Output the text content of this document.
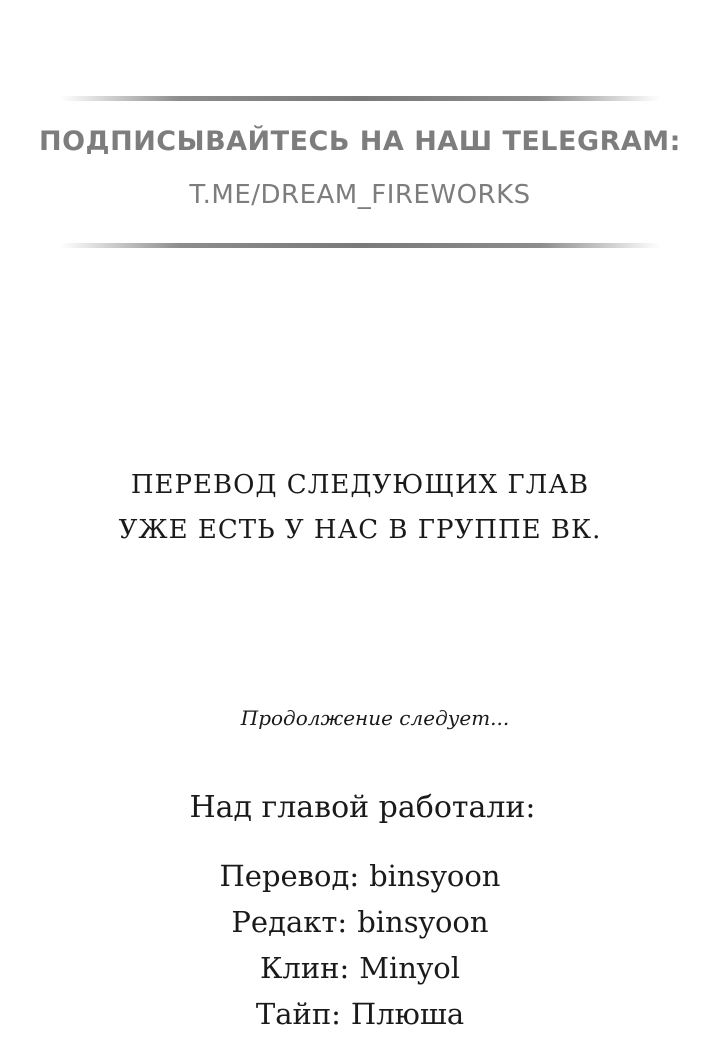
ПОДПИСЫВАЙТЕСЬ НА НАШ TELEGRAM:
T.ME/DREAM_FIREWORKS
ПЕРЕВОД СЛЕДУЮЩИХ ГЛАВ
УЖЕ ЕСТЬ У НАС В ГРУППЕ ВК.
Продолжение следует...
Над главой работали:
Перевод: binsyoon
Редакт: binsyoon
Клин: Minyol
Тайп: Плюша
